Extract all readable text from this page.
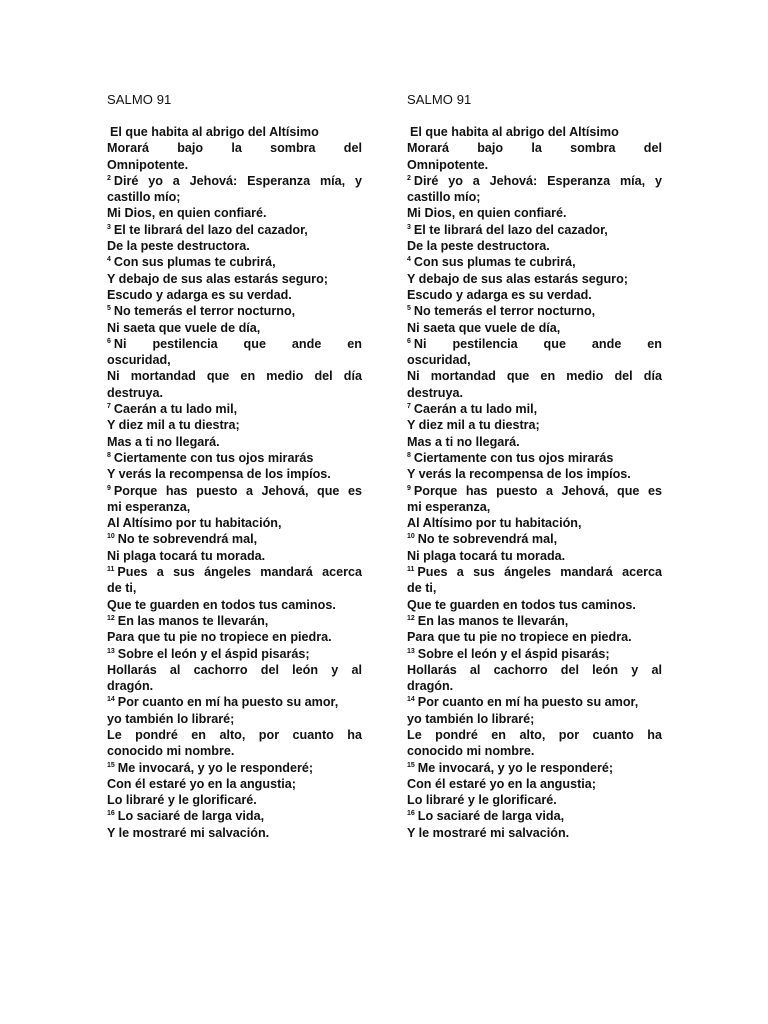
SALMO 91
El que habita al abrigo del Altísimo
Morará bajo la sombra del
Omnipotente.
$^2$ Diré yo a Jehová: Esperanza mía, y
castillo mío;
Mi Dios, en quien confiaré.
$^3$ El te librará del lazo del cazador,
De la peste destructora.
$^4$ Con sus plumas te cubrirá,
Y debajo de sus alas estarás seguro;
Escudo y adarga es su verdad.
$^5$ No temerás el terror nocturno,
Ni saeta que vuele de día,
$^6$ Ni pestilencia que ande en
oscuridad,
Ni mortandad que en medio del día
destruya.
$^7$ Caerán a tu lado mil,
Y diez mil a tu diestra;
Mas a ti no llegará.
$^8$ Ciertamente con tus ojos mirarás
Y verás la recompensa de los impíos.
$^9$ Porque has puesto a Jehová, que es
mi esperanza,
Al Altísimo por tu habitación,
$^{10}$ No te sobrevendrá mal,
Ni plaga tocará tu morada.
$^{11}$ Pues a sus ángeles mandará acerca
de ti,
Que te guarden en todos tus caminos.
$^{12}$ En las manos te llevarán,
Para que tu pie no tropiece en piedra.
$^{13}$ Sobre el león y el áspid pisarás;
Hollarás al cachorro del león y al
dragón.
$^{14}$ Por cuanto en mí ha puesto su amor,
yo también lo libraré;
Le pondré en alto, por cuanto ha
conocido mi nombre.
$^{15}$ Me invocará, y yo le responderé;
Con él estaré yo en la angustia;
Lo libraré y le glorificaré.
$^{16}$ Lo saciaré de larga vida,
Y le mostraré mi salvación.
SALMO 91
El que habita al abrigo del Altísimo
Morará bajo la sombra del
Omnipotente.
$^2$ Diré yo a Jehová: Esperanza mía, y
castillo mío;
Mi Dios, en quien confiaré.
$^3$ El te librará del lazo del cazador,
De la peste destructora.
$^4$ Con sus plumas te cubrirá,
Y debajo de sus alas estarás seguro;
Escudo y adarga es su verdad.
$^5$ No temerás el terror nocturno,
Ni saeta que vuele de día,
$^6$ Ni pestilencia que ande en
oscuridad,
Ni mortandad que en medio del día
destruya.
$^7$ Caerán a tu lado mil,
Y diez mil a tu diestra;
Mas a ti no llegará.
$^8$ Ciertamente con tus ojos mirarás
Y verás la recompensa de los impíos.
$^9$ Porque has puesto a Jehová, que es
mi esperanza,
Al Altísimo por tu habitación,
$^{10}$ No te sobrevendrá mal,
Ni plaga tocará tu morada.
$^{11}$ Pues a sus ángeles mandará acerca
de ti,
Que te guarden en todos tus caminos.
$^{12}$ En las manos te llevarán,
Para que tu pie no tropiece en piedra.
$^{13}$ Sobre el león y el áspid pisarás;
Hollarás al cachorro del león y al
dragón.
$^{14}$ Por cuanto en mí ha puesto su amor,
yo también lo libraré;
Le pondré en alto, por cuanto ha
conocido mi nombre.
$^{15}$ Me invocará, y yo le responderé;
Con él estaré yo en la angustia;
Lo libraré y le glorificaré.
$^{16}$ Lo saciaré de larga vida,
Y le mostraré mi salvación.
